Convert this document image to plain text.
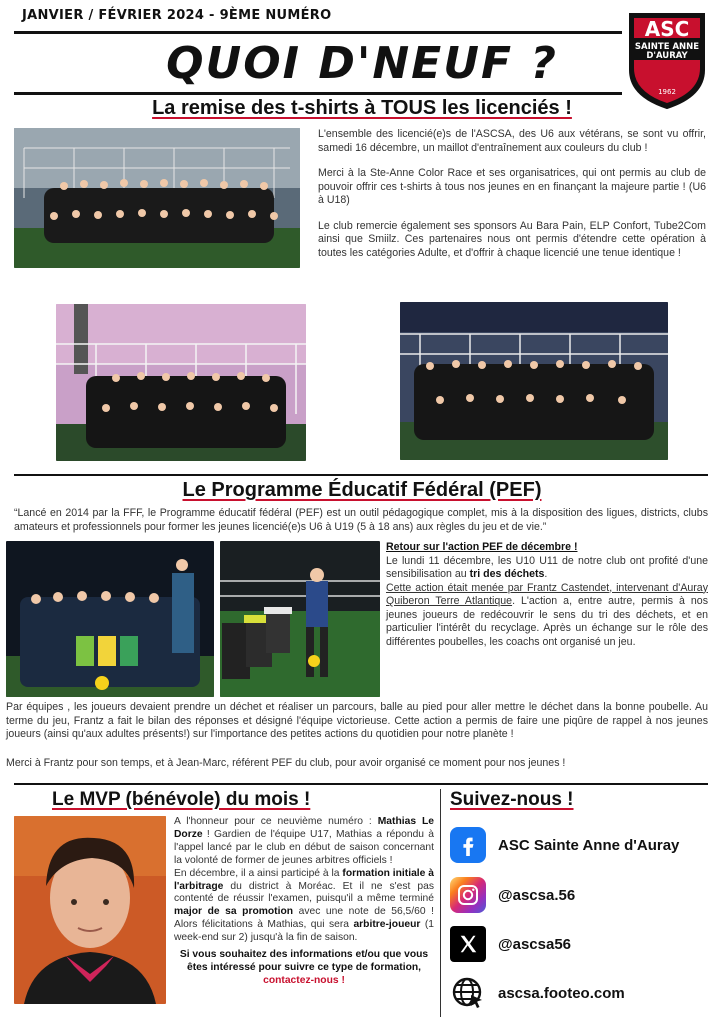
JANVIER / FÉVRIER 2024 - 9ÈME NUMÉRO
QUOI D'NEUF ?
ASC
SAINTE ANNE
D'AURAY
1962
La remise des t-shirts à TOUS les licenciés !

L'ensemble des licencié(e)s de l'ASCSA, des U6 aux vétérans, se sont vu offrir, samedi 16 décembre, un maillot d'entraînement aux couleurs du club !

Merci à la Ste-Anne Color Race et ses organisatrices, qui ont permis au club de pouvoir offrir ces t-shirts à tous nos jeunes en en finançant la majeure partie ! (U6 à U18)

Le club remercie également ses sponsors Au Bara Pain, ELP Confort, Tube2Com ainsi que Smiilz. Ces partenaires nous ont permis d'étendre cette opération à toutes les catégories Adulte, et d'offrir à chaque licencié une tenue identique !

Le Programme Éducatif Fédéral (PEF)
“Lancé en 2014 par la FFF, le Programme éducatif fédéral (PEF) est un outil pédagogique complet, mis à la disposition des ligues, districts, clubs amateurs et professionnels pour former les jeunes licencié(e)s U6 à U19 (5 à 18 ans) aux règles du jeu et de vie.”
Retour sur l'action PEF de décembre !
Le lundi 11 décembre, les U10 U11 de notre club ont profité d'une sensibilisation au tri des déchets.
Cette action était menée par Frantz Castendet, intervenant d'Auray Quiberon Terre Atlantique. L'action a, entre autre, permis à nos jeunes joueurs de redécouvrir le sens du tri des déchets, et en particulier l'intérêt du recyclage. Après un échange sur le rôle des différentes poubelles, les coachs ont organisé un jeu.
Par équipes , les joueurs devaient prendre un déchet et réaliser un parcours, balle au pied pour aller mettre le déchet dans la bonne poubelle. Au terme du jeu, Frantz a fait le bilan des réponses et désigné l'équipe victorieuse. Cette action a permis de faire une piqûre de rappel à nos jeunes joueurs (ainsi qu'aux adultes présents!) sur l'importance des petites actions du quotidien pour notre planète !
Merci à Frantz pour son temps, et à Jean-Marc, référent PEF du club, pour avoir organisé ce moment pour nos jeunes !
Le MVP (bénévole) du mois !
A l'honneur pour ce neuvième numéro : Mathias Le Dorze ! Gardien de l'équipe U17, Mathias a répondu à l'appel lancé par le club en début de saison concernant la volonté de former de jeunes arbitres officiels !
En décembre, il a ainsi participé à la formation initiale à l'arbitrage du district à Moréac. Et il ne s'est pas contenté de réussir l'examen, puisqu'il a même terminé major de sa promotion avec une note de 56,5/60 ! Alors félicitations à Mathias, qui sera arbitre-joueur (1 week-end sur 2) jusqu'à la fin de saison.
Si vous souhaitez des informations et/ou que vous êtes intéressé pour suivre ce type de formation, contactez-nous !
Suivez-nous !
ASC Sainte Anne d'Auray
@ascsa.56
@ascsa56
ascsa.footeo.com
